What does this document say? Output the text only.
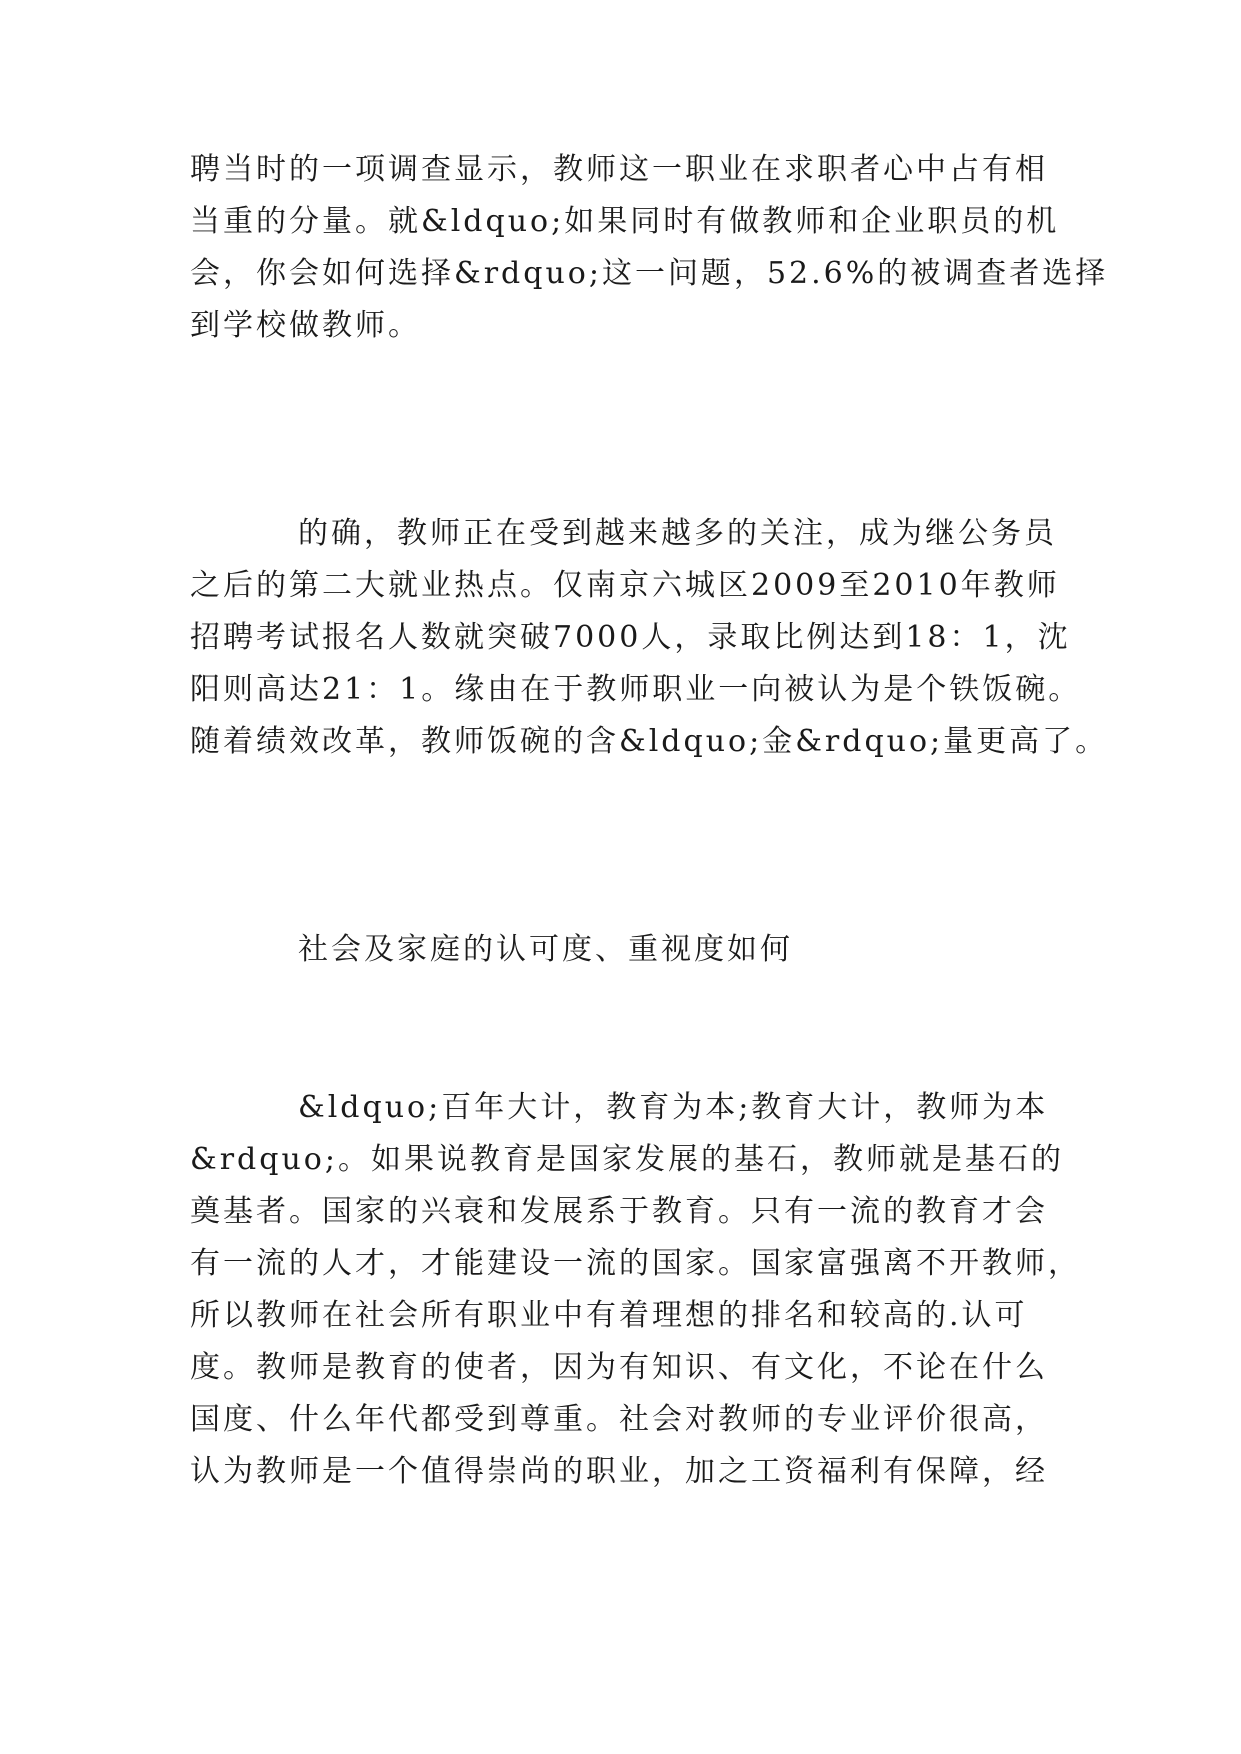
聘当时的一项调查显示，教师这一职业在求职者心中占有相
当重的分量。就&ldquo;如果同时有做教师和企业职员的机
会，你会如何选择&rdquo;这一问题，52.6%的被调查者选择
到学校做教师。
的确，教师正在受到越来越多的关注，成为继公务员
之后的第二大就业热点。仅南京六城区2009至2010年教师
招聘考试报名人数就突破7000人，录取比例达到18：1，沈
阳则高达21：1。缘由在于教师职业一向被认为是个铁饭碗。
随着绩效改革，教师饭碗的含&ldquo;金&rdquo;量更高了。
社会及家庭的认可度、重视度如何
&ldquo;百年大计，教育为本;教育大计，教师为本
&rdquo;。如果说教育是国家发展的基石，教师就是基石的
奠基者。国家的兴衰和发展系于教育。只有一流的教育才会
有一流的人才，才能建设一流的国家。国家富强离不开教师，
所以教师在社会所有职业中有着理想的排名和较高的.认可
度。教师是教育的使者，因为有知识、有文化，不论在什么
国度、什么年代都受到尊重。社会对教师的专业评价很高，
认为教师是一个值得崇尚的职业，加之工资福利有保障，经
